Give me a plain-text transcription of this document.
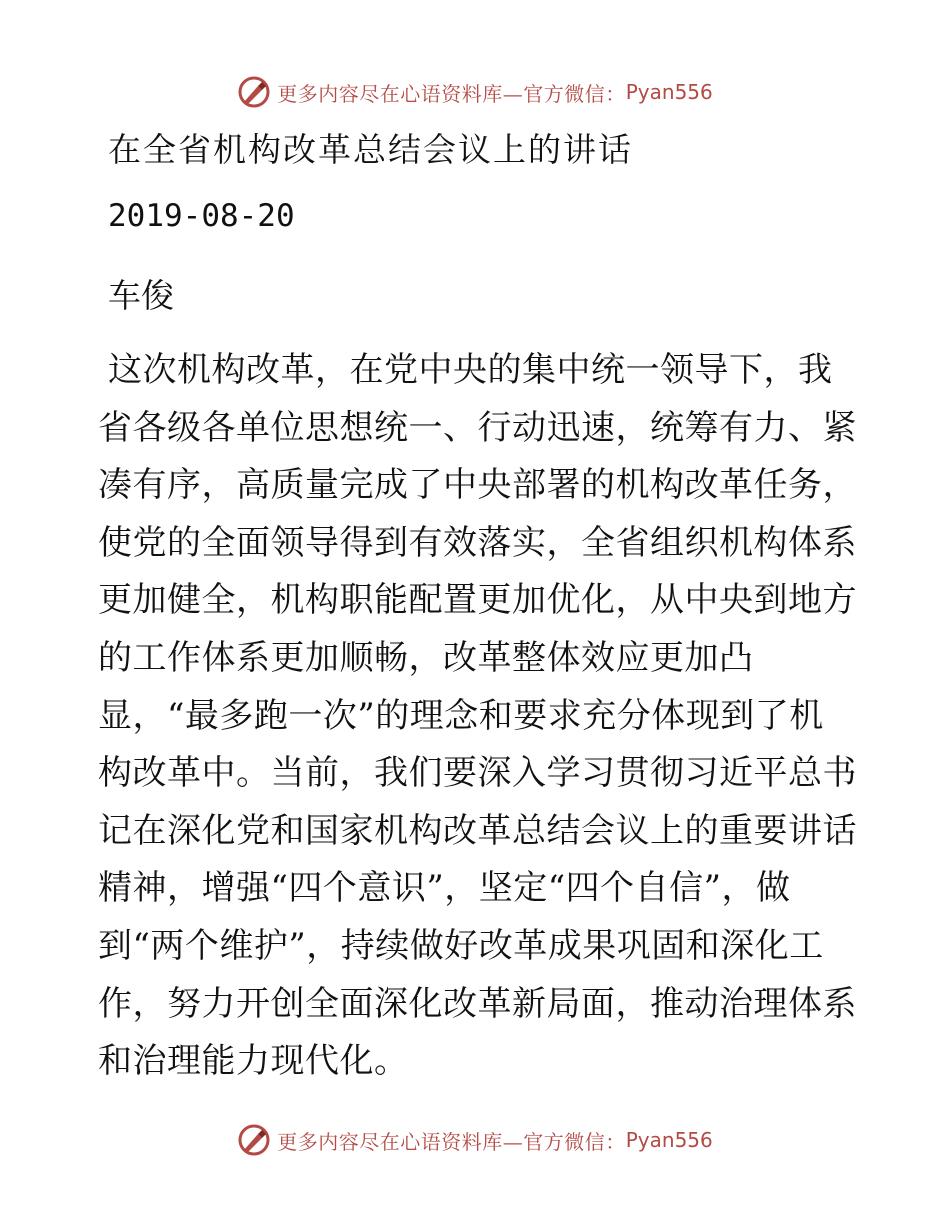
更多内容尽在心语资料库—官方微信： Pyan556
在全省机构改革总结会议上的讲话
2019-08-20
车俊
这次机构改革，在党中央的集中统一领导下，我
省各级各单位思想统一、行动迅速，统筹有力、紧
凑有序，高质量完成了中央部署的机构改革任务，
使党的全面领导得到有效落实，全省组织机构体系
更加健全，机构职能配置更加优化，从中央到地方
的工作体系更加顺畅，改革整体效应更加凸
显，“最多跑一次”的理念和要求充分体现到了机
构改革中。当前，我们要深入学习贯彻习近平总书
记在深化党和国家机构改革总结会议上的重要讲话
精神，增强“四个意识”，坚定“四个自信”，做
到“两个维护”，持续做好改革成果巩固和深化工
作，努力开创全面深化改革新局面，推动治理体系
和治理能力现代化。
更多内容尽在心语资料库—官方微信： Pyan556
